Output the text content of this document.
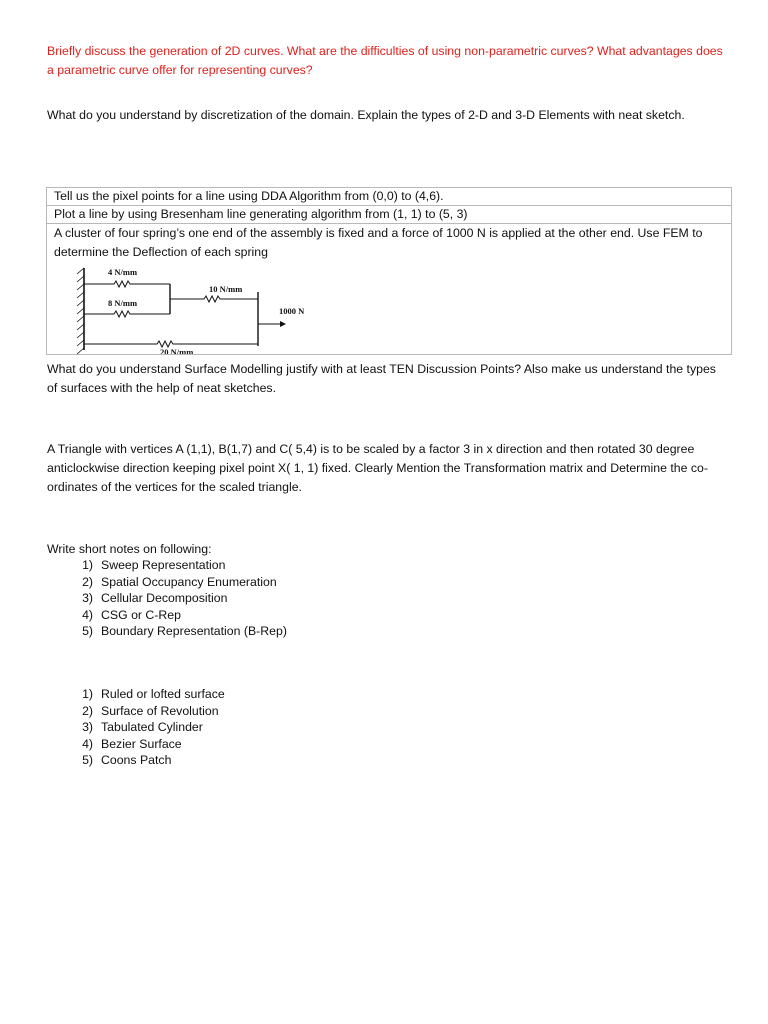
Briefly discuss the generation of 2D curves. What are the difficulties of using non-parametric curves? What advantages does a parametric curve offer for representing curves?

What do you understand by discretization of the domain. Explain the types of 2-D and 3-D Elements with neat sketch.

Tell us the pixel points for a line using DDA Algorithm from (0,0) to (4,6).
Plot a line by using Bresenham line generating algorithm from (1, 1) to (5, 3)
A cluster of four spring’s one end of the assembly is fixed and a force of 1000 N is applied at the other end. Use FEM to determine the Deflection of each spring
4 N/mm
10 N/mm
8 N/mm
1000 N
20 N/mm

What do you understand Surface Modelling justify with at least TEN Discussion Points? Also make us understand the types of surfaces with the help of neat sketches.

A Triangle with vertices A (1,1), B(1,7) and C( 5,4) is to be scaled by a factor 3 in x direction and then rotated 30 degree anticlockwise direction keeping pixel point X( 1, 1) fixed. Clearly Mention the Transformation matrix and Determine the co-ordinates of the vertices for the scaled triangle.

Write short notes on following:

1) Sweep Representation
2) Spatial Occupancy Enumeration
3) Cellular Decomposition
4) CSG or C-Rep
5) Boundary Representation (B-Rep)
1) Ruled or lofted surface
2) Surface of Revolution
3) Tabulated Cylinder
4) Bezier Surface
5) Coons Patch
